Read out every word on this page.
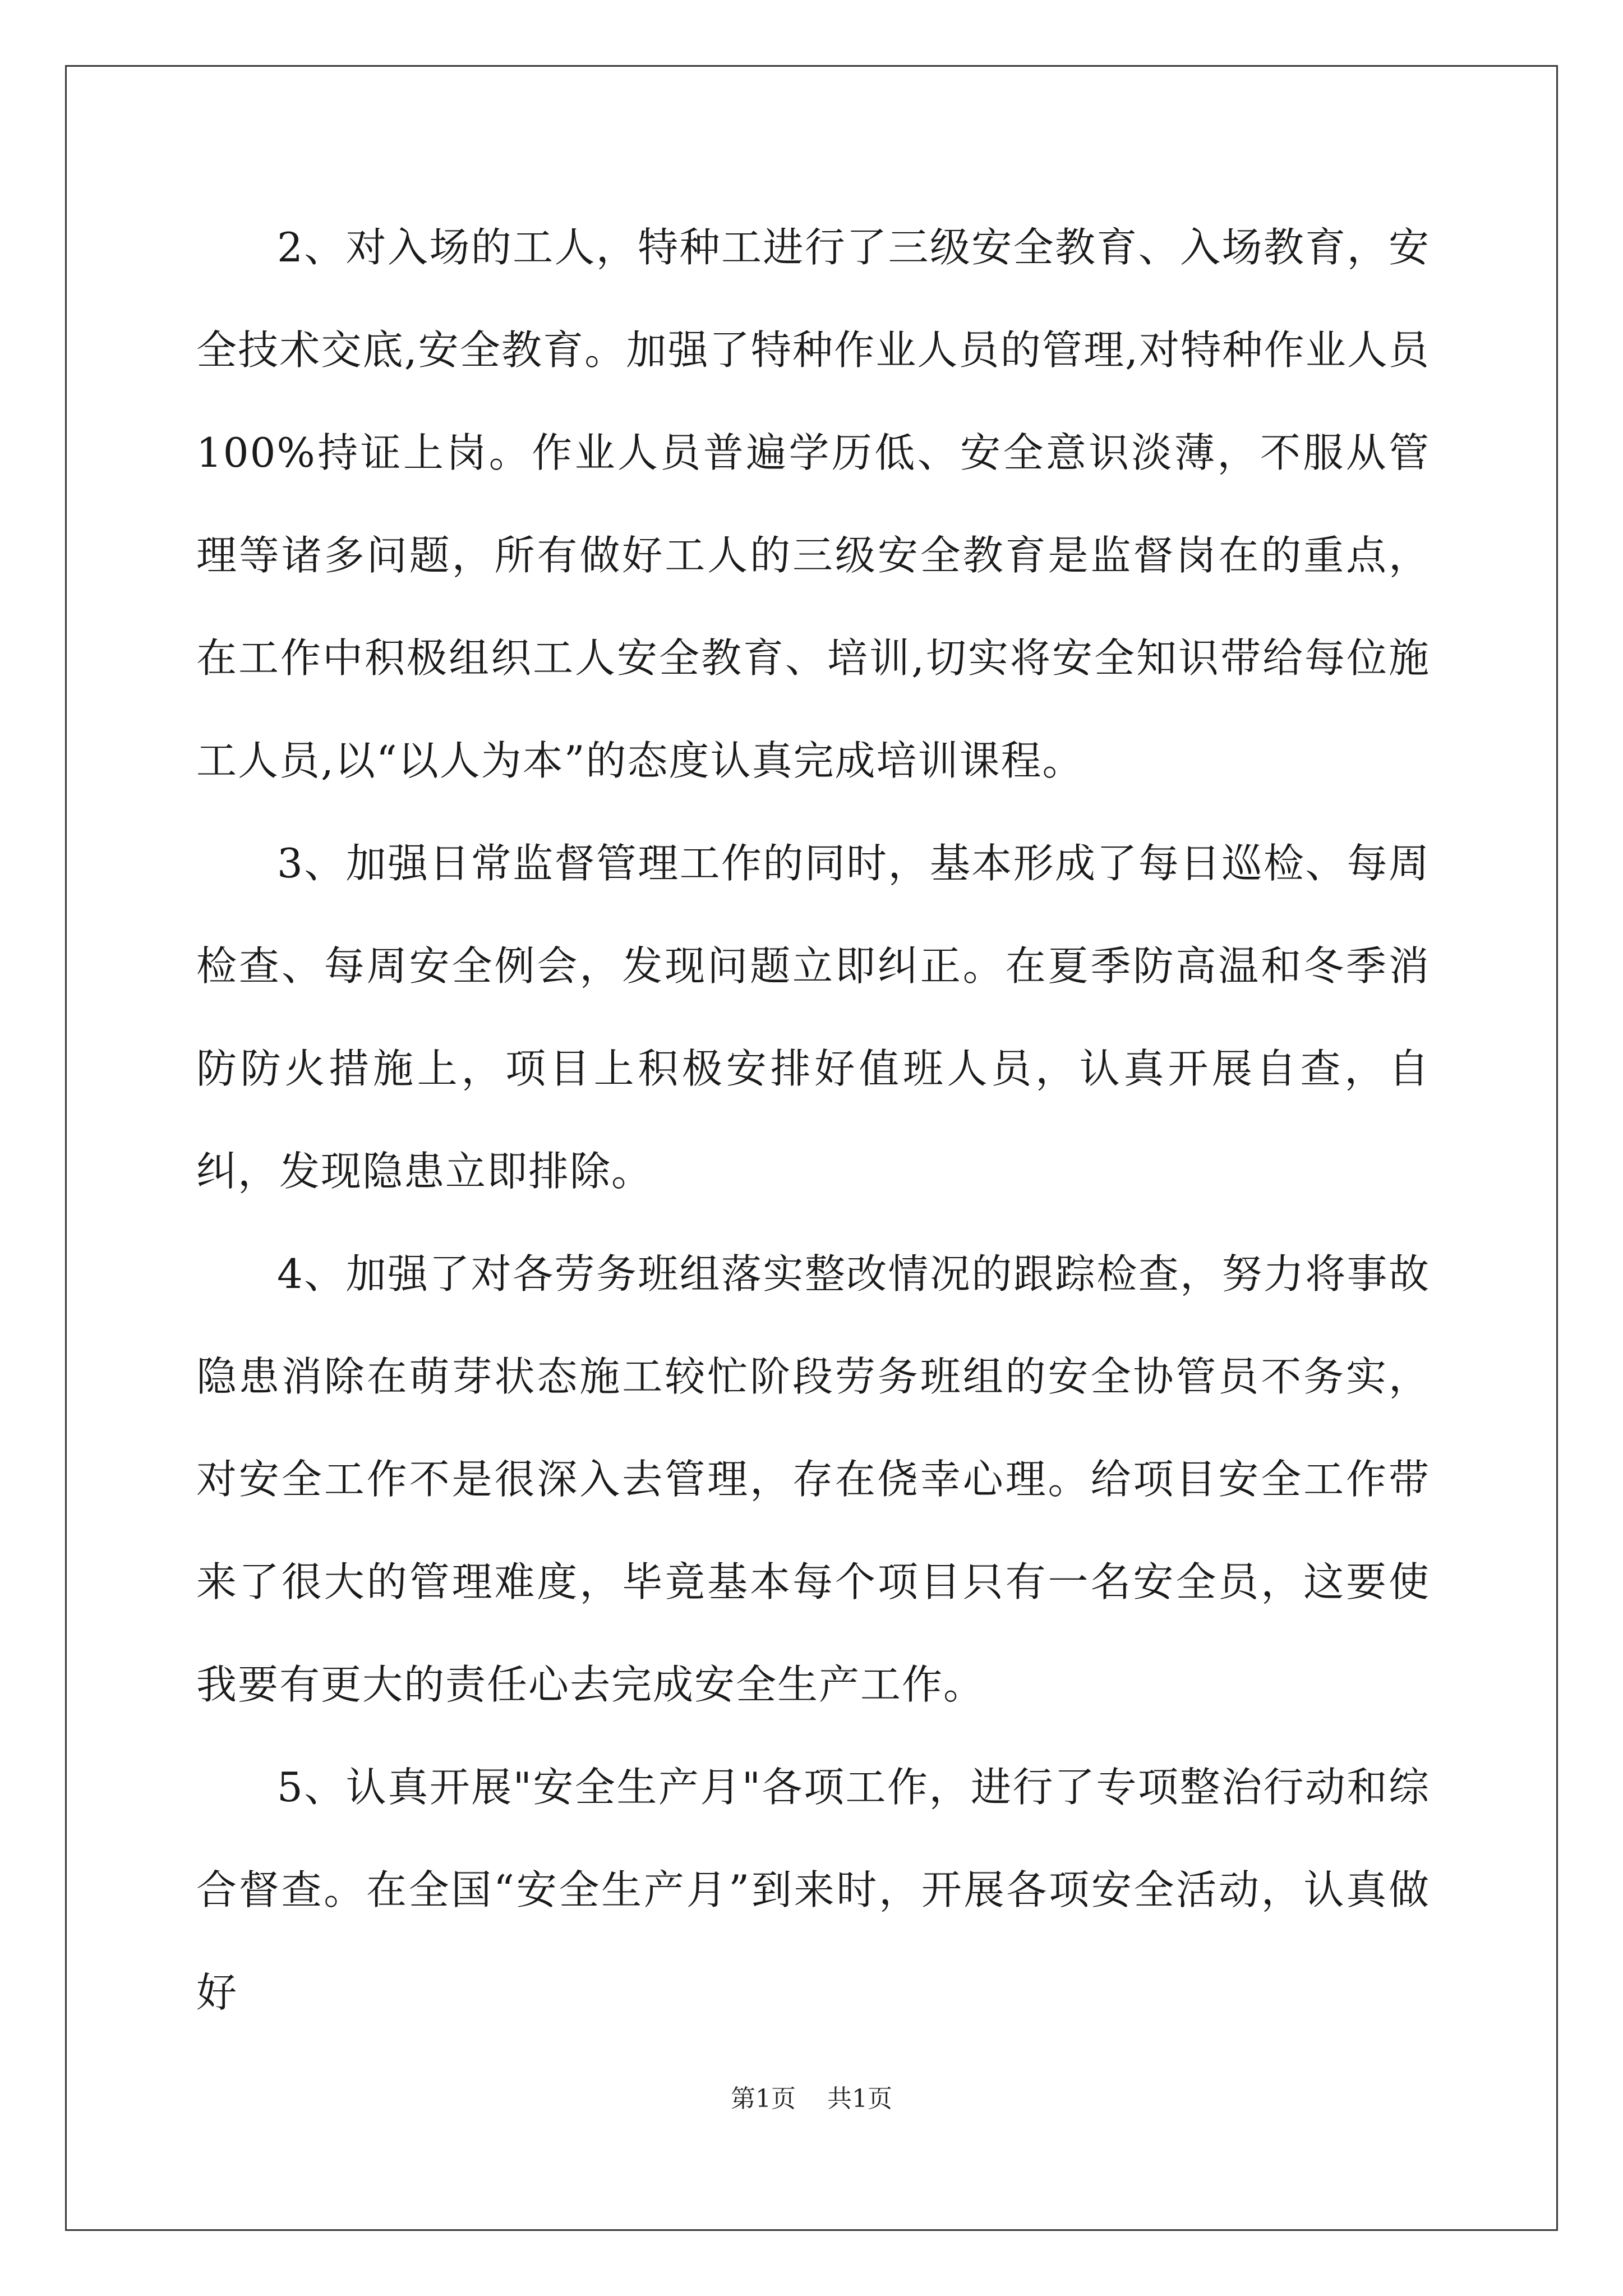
2、对入场的工人，特种工进行了三级安全教育、入场教育，安全技术交底,安全教育。加强了特种作业人员的管理,对特种作业人员100%持证上岗。作业人员普遍学历低、安全意识淡薄，不服从管理等诸多问题，所有做好工人的三级安全教育是监督岗在的重点，在工作中积极组织工人安全教育、培训,切实将安全知识带给每位施工人员,以“以人为本”的态度认真完成培训课程。

3、加强日常监督管理工作的同时，基本形成了每日巡检、每周检查、每周安全例会，发现问题立即纠正。在夏季防高温和冬季消防防火措施上，项目上积极安排好值班人员，认真开展自查，自纠，发现隐患立即排除。

4、加强了对各劳务班组落实整改情况的跟踪检查，努力将事故隐患消除在萌芽状态施工较忙阶段劳务班组的安全协管员不务实，对安全工作不是很深入去管理，存在侥幸心理。给项目安全工作带来了很大的管理难度，毕竟基本每个项目只有一名安全员，这要使我要有更大的责任心去完成安全生产工作。

5、认真开展"安全生产月"各项工作，进行了专项整治行动和综合督查。在全国“安全生产月”到来时，开展各项安全活动，认真做好

第1页 共1页
